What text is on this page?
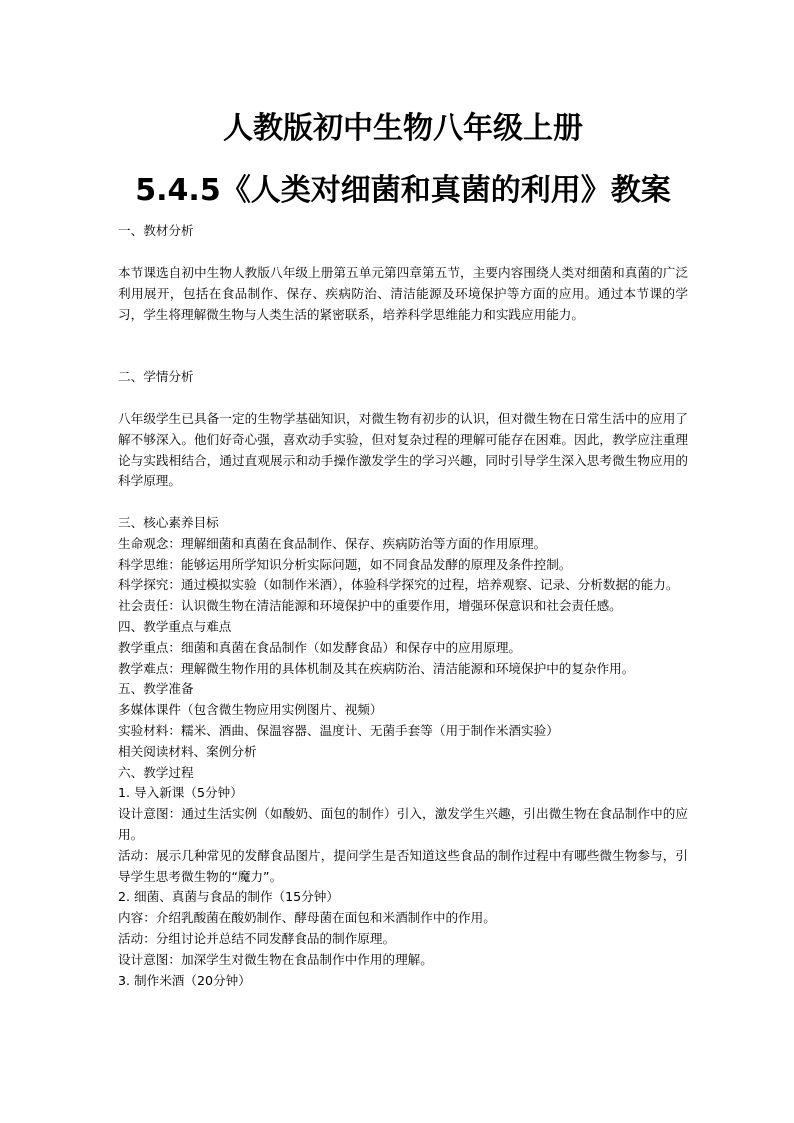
人教版初中生物八年级上册
5.4.5《人类对细菌和真菌的利用》教案
一、教材分析
本节课选自初中生物人教版八年级上册第五单元第四章第五节，主要内容围绕人类对细菌和真菌的广泛利用展开，包括在食品制作、保存、疾病防治、清洁能源及环境保护等方面的应用。通过本节课的学习，学生将理解微生物与人类生活的紧密联系，培养科学思维能力和实践应用能力。
二、学情分析
八年级学生已具备一定的生物学基础知识，对微生物有初步的认识，但对微生物在日常生活中的应用了解不够深入。他们好奇心强，喜欢动手实验，但对复杂过程的理解可能存在困难。因此，教学应注重理论与实践相结合，通过直观展示和动手操作激发学生的学习兴趣，同时引导学生深入思考微生物应用的科学原理。
三、核心素养目标
生命观念：理解细菌和真菌在食品制作、保存、疾病防治等方面的作用原理。
科学思维：能够运用所学知识分析实际问题，如不同食品发酵的原理及条件控制。
科学探究：通过模拟实验（如制作米酒），体验科学探究的过程，培养观察、记录、分析数据的能力。
社会责任：认识微生物在清洁能源和环境保护中的重要作用，增强环保意识和社会责任感。
四、教学重点与难点
教学重点：细菌和真菌在食品制作（如发酵食品）和保存中的应用原理。
教学难点：理解微生物作用的具体机制及其在疾病防治、清洁能源和环境保护中的复杂作用。
五、教学准备
多媒体课件（包含微生物应用实例图片、视频）
实验材料：糯米、酒曲、保温容器、温度计、无菌手套等（用于制作米酒实验）
相关阅读材料、案例分析
六、教学过程
1. 导入新课（5分钟）
设计意图：通过生活实例（如酸奶、面包的制作）引入，激发学生兴趣，引出微生物在食品制作中的应用。
活动：展示几种常见的发酵食品图片，提问学生是否知道这些食品的制作过程中有哪些微生物参与，引导学生思考微生物的“魔力”。
2. 细菌、真菌与食品的制作（15分钟）
内容：介绍乳酸菌在酸奶制作、酵母菌在面包和米酒制作中的作用。
活动：分组讨论并总结不同发酵食品的制作原理。
设计意图：加深学生对微生物在食品制作中作用的理解。
3. 制作米酒（20分钟）
